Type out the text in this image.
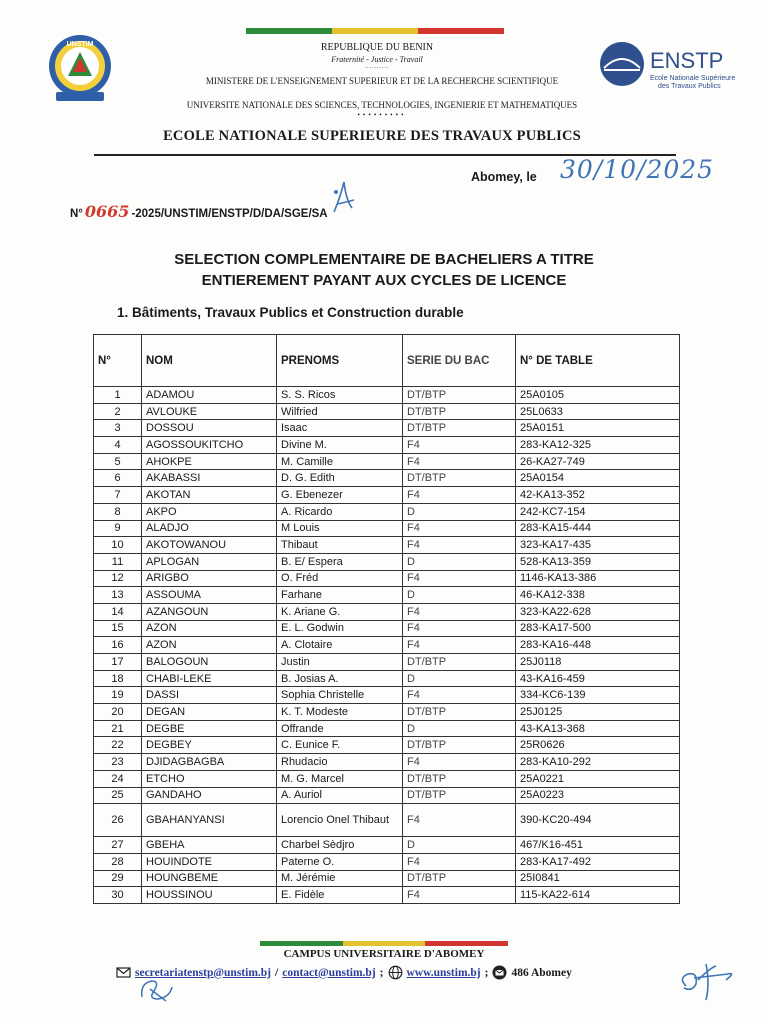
UNSTIM
ENSTP
Ecole Nationale Supérieure
des Travaux Publics
REPUBLIQUE DU BENIN
Fraternité - Justice - Travail
..........
MINISTERE DE L'ENSEIGNEMENT SUPERIEUR ET DE LA RECHERCHE SCIENTIFIQUE
UNIVERSITE NATIONALE DES SCIENCES, TECHNOLOGIES, INGENIERIE ET MATHEMATIQUES
•••••••••
ECOLE NATIONALE SUPERIEURE DES TRAVAUX PUBLICS
Abomey, le 30/10/2025
N° 0665 -2025/UNSTIM/ENSTP/D/DA/SGE/SA
SELECTION COMPLEMENTAIRE DE BACHELIERS A TITRE
ENTIEREMENT PAYANT AUX CYCLES DE LICENCE
1. Bâtiments, Travaux Publics et Construction durable
N°	NOM	PRENOMS	SERIE DU BAC	N° DE TABLE
1	ADAMOU	S. S. Ricos	DT/BTP	25A0105
2	AVLOUKE	Wilfried	DT/BTP	25L0633
3	DOSSOU	Isaac	DT/BTP	25A0151
4	AGOSSOUKITCHO	Divine M.	F4	283-KA12-325
5	AHOKPE	M. Camille	F4	26-KA27-749
6	AKABASSI	D. G. Edith	DT/BTP	25A0154
7	AKOTAN	G. Ebenezer	F4	42-KA13-352
8	AKPO	A. Ricardo	D	242-KC7-154
9	ALADJO	M Louis	F4	283-KA15-444
10	AKOTOWANOU	Thibaut	F4	323-KA17-435
11	APLOGAN	B. E/ Espera	D	528-KA13-359
12	ARIGBO	O. Fréd	F4	1146-KA13-386
13	ASSOUMA	Farhane	D	46-KA12-338
14	AZANGOUN	K. Ariane G.	F4	323-KA22-628
15	AZON	E. L. Godwin	F4	283-KA17-500
16	AZON	A. Clotaire	F4	283-KA16-448
17	BALOGOUN	Justin	DT/BTP	25J0118
18	CHABI-LEKE	B. Josias A.	D	43-KA16-459
19	DASSI	Sophia Christelle	F4	334-KC6-139
20	DEGAN	K. T. Modeste	DT/BTP	25J0125
21	DEGBE	Offrande	D	43-KA13-368
22	DEGBEY	C. Eunice F.	DT/BTP	25R0626
23	DJIDAGBAGBA	Rhudacio	F4	283-KA10-292
24	ETCHO	M. G. Marcel	DT/BTP	25A0221
25	GANDAHO	A. Auriol	DT/BTP	25A0223
26	GBAHANYANSI	Lorencio Onel Thibaut	F4	390-KC20-494
27	GBEHA	Charbel Sèdjro	D	467/K16-451
28	HOUINDOTE	Paterne O.	F4	283-KA17-492
29	HOUNGBEME	M. Jérémie	DT/BTP	25I0841
30	HOUSSINOU	E. Fidèle	F4	115-KA22-614
CAMPUS UNIVERSITAIRE D'ABOMEY
secretariatenstp@unstim.bj / contact@unstim.bj ; www.unstim.bj ; 486 Abomey
